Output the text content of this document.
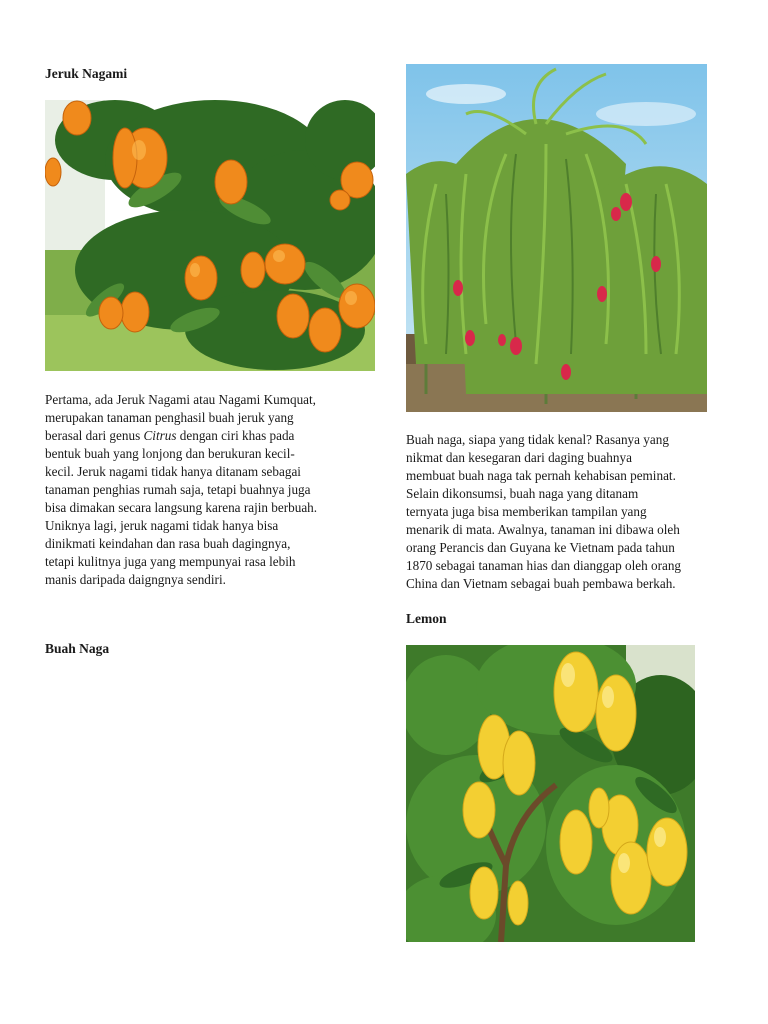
Jeruk Nagami

Pertama, ada Jeruk Nagami atau Nagami Kumquat,
merupakan tanaman penghasil buah jeruk yang
berasal dari genus Citrus dengan ciri khas pada
bentuk buah yang lonjong dan berukuran kecil-
kecil. Jeruk nagami tidak hanya ditanam sebagai
tanaman penghias rumah saja, tetapi buahnya juga
bisa dimakan secara langsung karena rajin berbuah.
Uniknya lagi, jeruk nagami tidak hanya bisa
dinikmati keindahan dan rasa buah dagingnya,
tetapi kulitnya juga yang mempunyai rasa lebih
manis daripada daigngnya sendiri.

Buah Naga

Buah naga, siapa yang tidak kenal? Rasanya yang
nikmat dan kesegaran dari daging buahnya
membuat buah naga tak pernah kehabisan peminat.
Selain dikonsumsi, buah naga yang ditanam
ternyata juga bisa memberikan tampilan yang
menarik di mata. Awalnya, tanaman ini dibawa oleh
orang Perancis dan Guyana ke Vietnam pada tahun
1870 sebagai tanaman hias dan dianggap oleh orang
China dan Vietnam sebagai buah pembawa berkah.

Lemon
